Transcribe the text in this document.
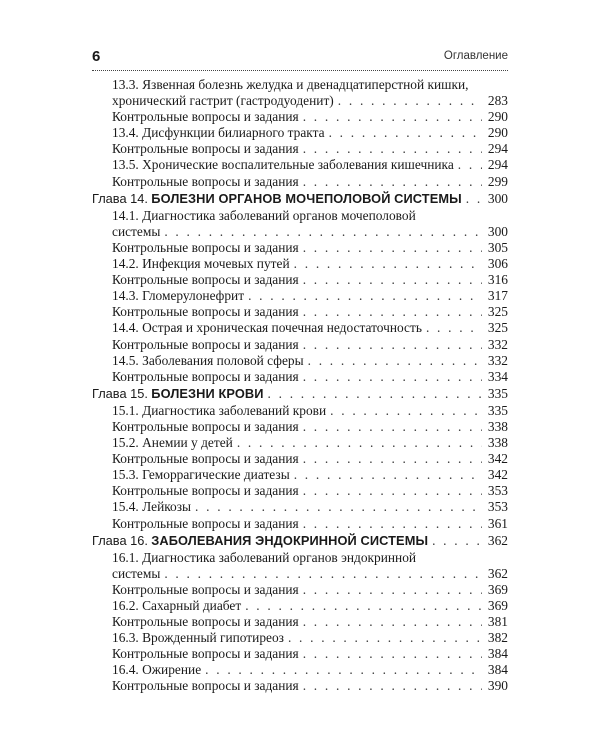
6	Оглавление
13.3. Язвенная болезнь желудка и двенадцатиперстной кишки,
хронический гастрит (гастродуоденит) . . .	283
Контрольные вопросы и задания . . .	290
13.4. Дисфункции билиарного тракта . . .	290
Контрольные вопросы и задания . . .	294
13.5. Хронические воспалительные заболевания кишечника . . .	294
Контрольные вопросы и задания . . .	299
Глава 14. БОЛЕЗНИ ОРГАНОВ МОЧЕПОЛОВОЙ СИСТЕМЫ . . . 300
14.1. Диагностика заболеваний органов мочеполовой
системы . . .	300
Контрольные вопросы и задания . . .	305
14.2. Инфекция мочевых путей . . .	306
Контрольные вопросы и задания . . .	316
14.3. Гломерулонефрит . . .	317
Контрольные вопросы и задания . . .	325
14.4. Острая и хроническая почечная недостаточность . . .	325
Контрольные вопросы и задания . . .	332
14.5. Заболевания половой сферы . . .	332
Контрольные вопросы и задания . . .	334
Глава 15. БОЛЕЗНИ КРОВИ . . .	335
15.1. Диагностика заболеваний крови . . .	335
Контрольные вопросы и задания . . .	338
15.2. Анемии у детей . . .	338
Контрольные вопросы и задания . . .	342
15.3. Геморрагические диатезы . . .	342
Контрольные вопросы и задания . . .	353
15.4. Лейкозы . . .	353
Контрольные вопросы и задания . . .	361
Глава 16. ЗАБОЛЕВАНИЯ ЭНДОКРИННОЙ СИСТЕМЫ . . .	362
16.1. Диагностика заболеваний органов эндокринной
системы . . .	362
Контрольные вопросы и задания . . .	369
16.2. Сахарный диабет . . .	369
Контрольные вопросы и задания . . .	381
16.3. Врожденный гипотиреоз . . .	382
Контрольные вопросы и задания . . .	384
16.4. Ожирение . . .	384
Контрольные вопросы и задания . . .	390
